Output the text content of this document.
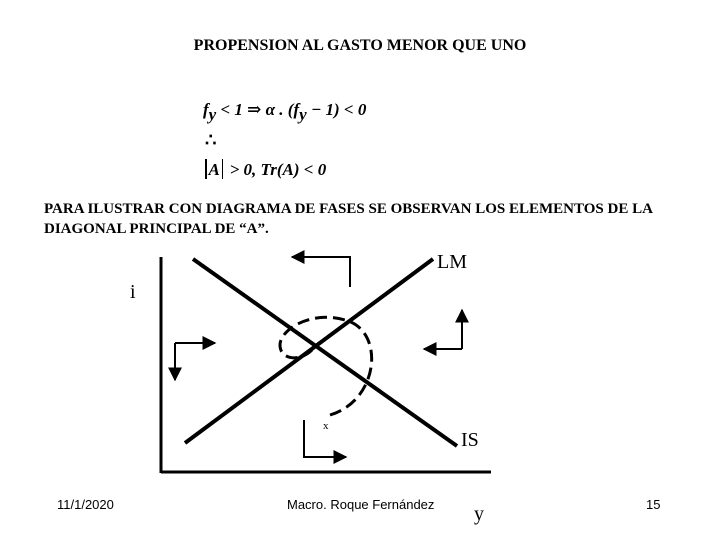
PROPENSION AL GASTO MENOR QUE UNO
$f_y < 1$ ⇒ α . $(f_y - 1) < 0$
∴
A > 0, Tr(A) < 0
PARA ILUSTRAR CON DIAGRAMA DE FASES SE OBSERVAN LOS ELEMENTOS DE LA DIAGONAL PRINCIPAL DE “A”.
i
LM
IS
y
x
11/1/2020	Macro. Roque Fernández	15
